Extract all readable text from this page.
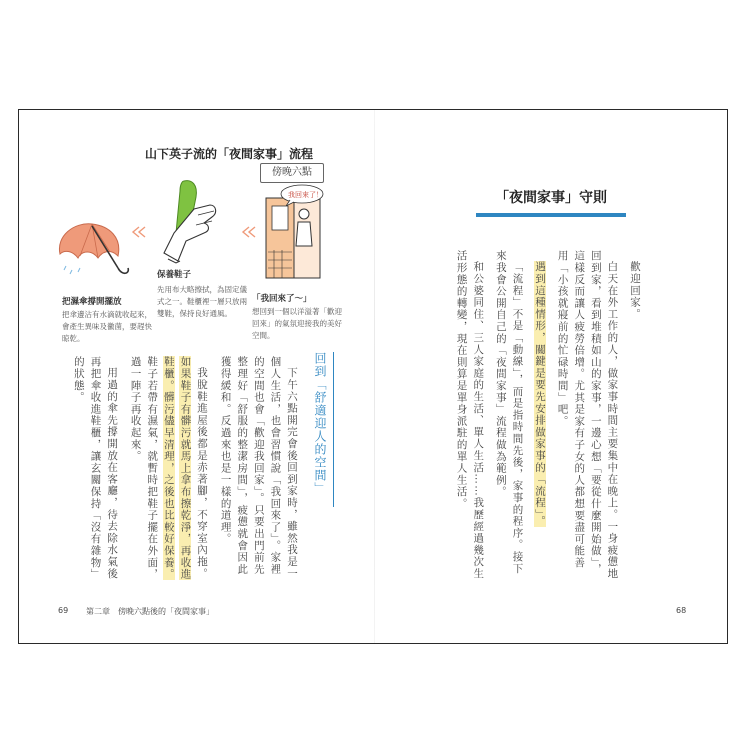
山下英子流的「夜間家事」流程
傍晚六點
我回來了！
把濕傘撐開擺放
把傘邊沾有水滴就收起來，會產生異味及黴菌，要趕快晾乾。
保養鞋子
先用布大略擦拭，為固定儀式之一。鞋櫃裡一層只放兩雙鞋，保持良好通風。
「我回來了～」
想回到一個以洋溢著「歡迎回來」的氣氛迎接我的美好空間。
回到「舒適迎人的空間」

下午六點開完會後回到家時，雖然我是一個人生活，也會習慣說「我回來了」。家裡的空間也會「歡迎我回家」。只要出門前先整理好「舒服的整潔房間」，疲憊就會因此獲得緩和。反過來也是一樣的道理。

我脫鞋進屋後都是赤著腳，不穿室內拖。如果鞋子有髒污就馬上拿布擦乾淨，再收進鞋櫃。髒污儘早清理，之後也比較好保養。鞋子若帶有濕氣，就暫時把鞋子擺在外面，過一陣子再收起來。

用過的傘先撐開放在客廳，待去除水氣後再把傘收進鞋櫃，讓玄關保持「沒有雜物」的狀態。

69 第二章　傍晚六點後的「夜間家事」
「夜間家事」守則

歡迎回家。

白天在外工作的人，做家事時間主要集中在晚上。一身疲憊地回到家，看到堆積如山的家事，一邊心想「要從什麼開始做」，這樣反而讓人疲勞倍增。尤其是家有子女的人都想要盡可能善用「小孩就寢前的忙碌時間」吧。

遇到這種情形，關鍵是要先安排做家事的「流程」。

「流程」不是「動線」，而是指時間先後，家事的程序。接下來我會公開自己的「夜間家事」流程做為範例。

和公婆同住、三人家庭的生活、單人生活……我歷經過幾次生活形態的轉變，現在則算是單身派駐的單人生活。

68
